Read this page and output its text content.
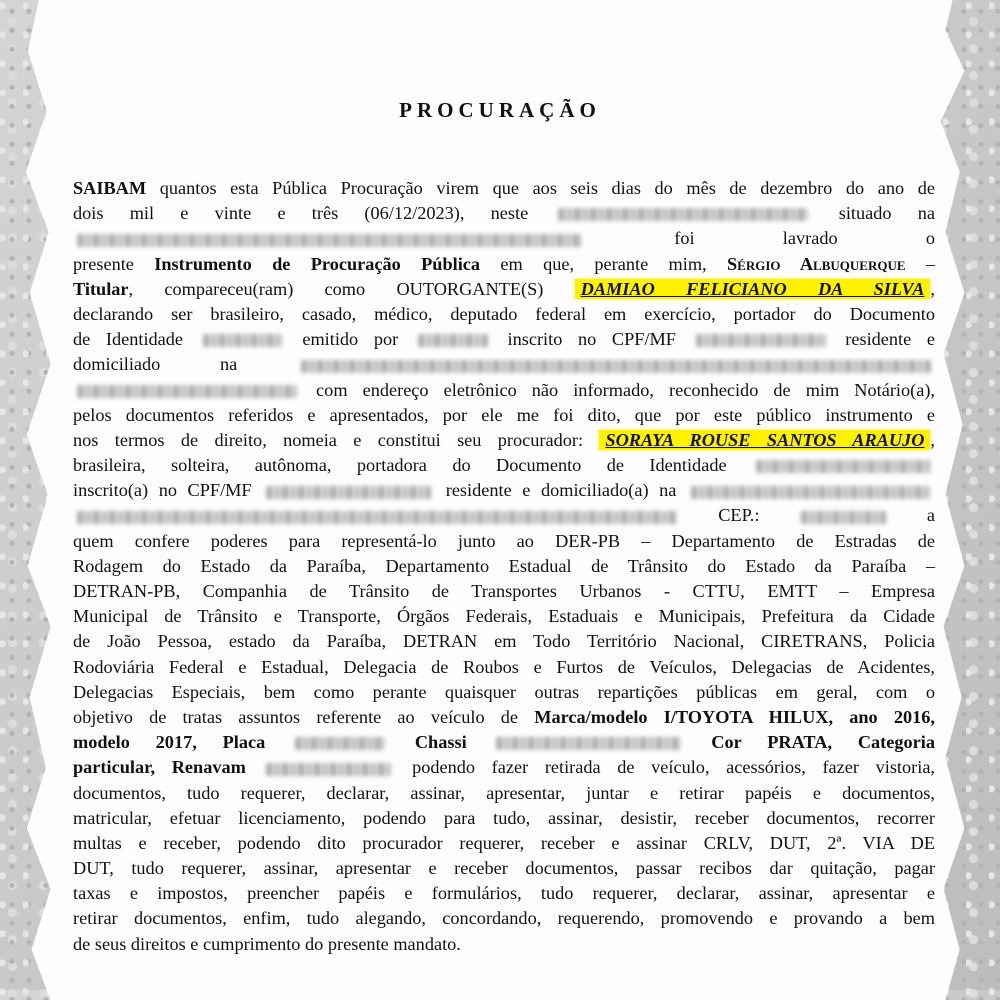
PROCURAÇÃO
SAIBAM quantos esta Pública Procuração virem que aos seis dias do mês de dezembro do ano de
dois mil e vinte e três (06/12/2023), neste	situado na
foi lavrado o
presente Instrumento de Procuração Pública em que, perante mim, Sérgio Albuquerque –
Titular, compareceu(ram) como OUTORGANTE(S) DAMIAO FELICIANO DA SILVA ,
declarando ser brasileiro, casado, médico, deputado federal em exercício, portador do Documento
de Identidade	emitido por	inscrito no CPF/MF	residente e
domiciliado na
com endereço eletrônico não informado, reconhecido de mim Notário(a),
pelos documentos referidos e apresentados, por ele me foi dito, que por este público instrumento e
nos termos de direito, nomeia e constitui seu procurador: SORAYA ROUSE SANTOS ARAUJO ,
brasileira, solteira, autônoma, portadora do Documento de Identidade
inscrito(a) no CPF/MF	residente e domiciliado(a) na
CEP.:	a
quem confere poderes para representá-lo junto ao DER-PB – Departamento de Estradas de
Rodagem do Estado da Paraíba, Departamento Estadual de Trânsito do Estado da Paraíba –
DETRAN-PB, Companhia de Trânsito de Transportes Urbanos - CTTU, EMTT – Empresa
Municipal de Trânsito e Transporte, Órgãos Federais, Estaduais e Municipais, Prefeitura da Cidade
de João Pessoa, estado da Paraíba, DETRAN em Todo Território Nacional, CIRETRANS, Policia
Rodoviária Federal e Estadual, Delegacia de Roubos e Furtos de Veículos, Delegacias de Acidentes,
Delegacias Especiais, bem como perante quaisquer outras repartições públicas em geral, com o
objetivo de tratas assuntos referente ao veículo de Marca/modelo I/TOYOTA HILUX, ano 2016,
modelo 2017, Placa	Chassi	Cor PRATA, Categoria
particular, Renavam	podendo fazer retirada de veículo, acessórios, fazer vistoria,
documentos, tudo requerer, declarar, assinar, apresentar, juntar e retirar papéis e documentos,
matricular, efetuar licenciamento, podendo para tudo, assinar, desistir, receber documentos, recorrer
multas e receber, podendo dito procurador requerer, receber e assinar CRLV, DUT, 2ª. VIA DE
DUT, tudo requerer, assinar, apresentar e receber documentos, passar recibos dar quitação, pagar
taxas e impostos, preencher papéis e formulários, tudo requerer, declarar, assinar, apresentar e
retirar documentos, enfim, tudo alegando, concordando, requerendo, promovendo e provando a bem
de seus direitos e cumprimento do presente mandato.
